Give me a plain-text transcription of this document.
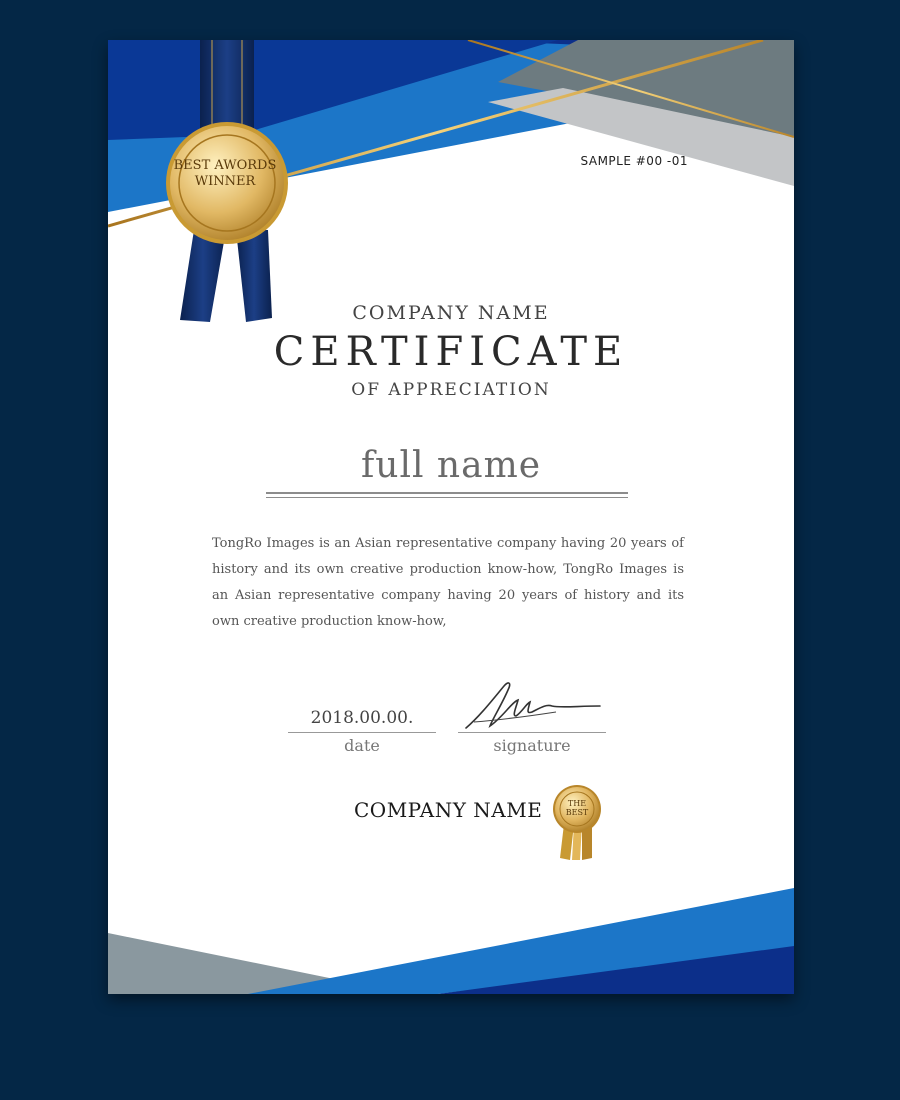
BEST AWORDS WINNER
SAMPLE #00 -01
COMPANY NAME
CERTIFICATE
OF APPRECIATION
full name
TongRo Images is an Asian representative company having 20 years of history and its own creative production know-how, TongRo Images is an Asian representative company having 20 years of history and its own creative production know-how,
2018.00.00.
date	signature
COMPANY NAME	THE BEST
